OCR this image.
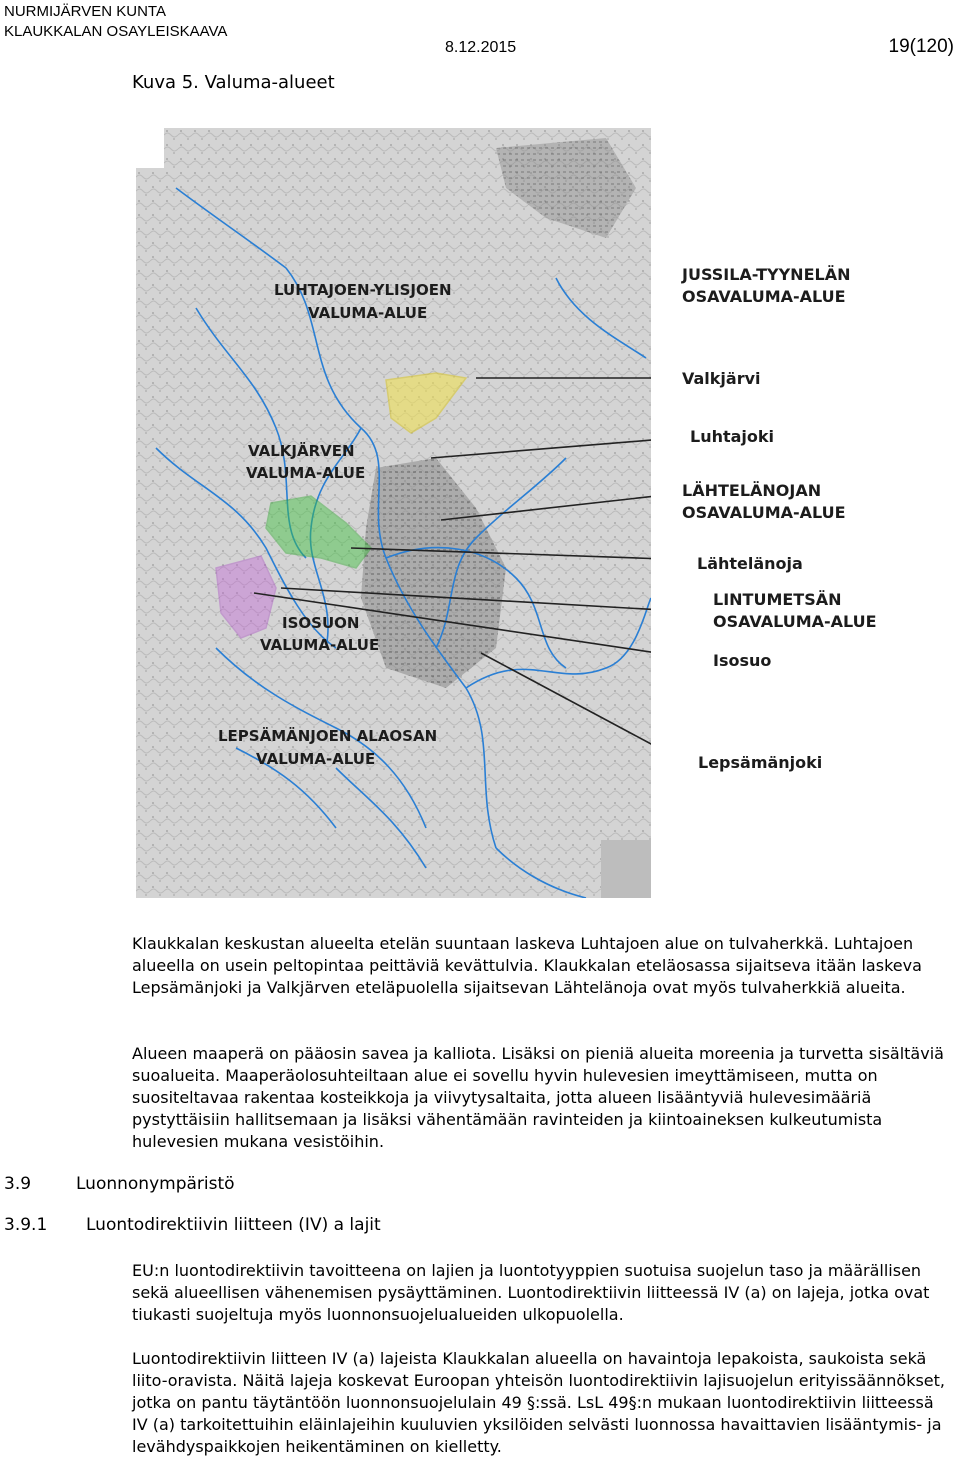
NURMIJÄRVEN KUNTA
KLAUKKALAN OSAYLEISKAAVA
8.12.2015	19(120)
Kuva 5. Valuma-alueet
LUHTAJOEN-YLISJOEN
VALUMA-ALUE
VALKJÄRVEN
VALUMA-ALUE
ISOSUON
VALUMA-ALUE
LEPSÄMÄNJOEN ALAOSAN
VALUMA-ALUE
JUSSILA-TYYNELÄN
OSAVALUMA-ALUE
Valkjärvi
Luhtajoki
LÄHTELÄNOJAN
OSAVALUMA-ALUE
Lähtelänoja
LINTUMETSÄN
OSAVALUMA-ALUE
Isosuo
Lepsämänjoki

Klaukkalan keskustan alueelta etelän suuntaan laskeva Luhtajoen alue on tulvaherkkä. Luhtajoen alueella on usein peltopintaa peittäviä kevättulvia. Klaukkalan eteläosassa sijaitseva itään laskeva Lepsämänjoki ja Valkjärven eteläpuolella sijaitsevan Lähtelänoja ovat myös tulvaherkkiä alueita.

Alueen maaperä on pääosin savea ja kalliota. Lisäksi on pieniä alueita moreenia ja turvetta sisältäviä suoalueita. Maaperäolosuhteiltaan alue ei sovellu hyvin hulevesien imeyttämiseen, mutta on suositeltavaa rakentaa kosteikkoja ja viivytysaltaita, jotta alueen lisääntyviä hulevesimääriä pystyttäisiin hallitsemaan ja lisäksi vähentämään ravinteiden ja kiintoaineksen kulkeutumista hulevesien mukana vesistöihin.

3.9	Luonnonympäristö
3.9.1 Luontodirektiivin liitteen (IV) a lajit

EU:n luontodirektiivin tavoitteena on lajien ja luontotyyppien suotuisa suojelun taso ja määrällisen sekä alueellisen vähenemisen pysäyttäminen. Luontodirektiivin liitteessä IV (a) on lajeja, jotka ovat tiukasti suojeltuja myös luonnonsuojelualueiden ulkopuolella.

Luontodirektiivin liitteen IV (a) lajeista Klaukkalan alueella on havaintoja lepakoista, saukoista sekä liito-oravista. Näitä lajeja koskevat Euroopan yhteisön luontodirektiivin lajisuojelun erityissäännökset, jotka on pantu täytäntöön luonnonsuojelulain 49 §:ssä. LsL 49§:n mukaan luontodirektiivin liitteessä IV (a) tarkoitettuihin eläinlajeihin kuuluvien yksilöiden selvästi luonnossa havaittavien lisääntymis- ja levähdyspaikkojen heikentäminen on kielletty.
